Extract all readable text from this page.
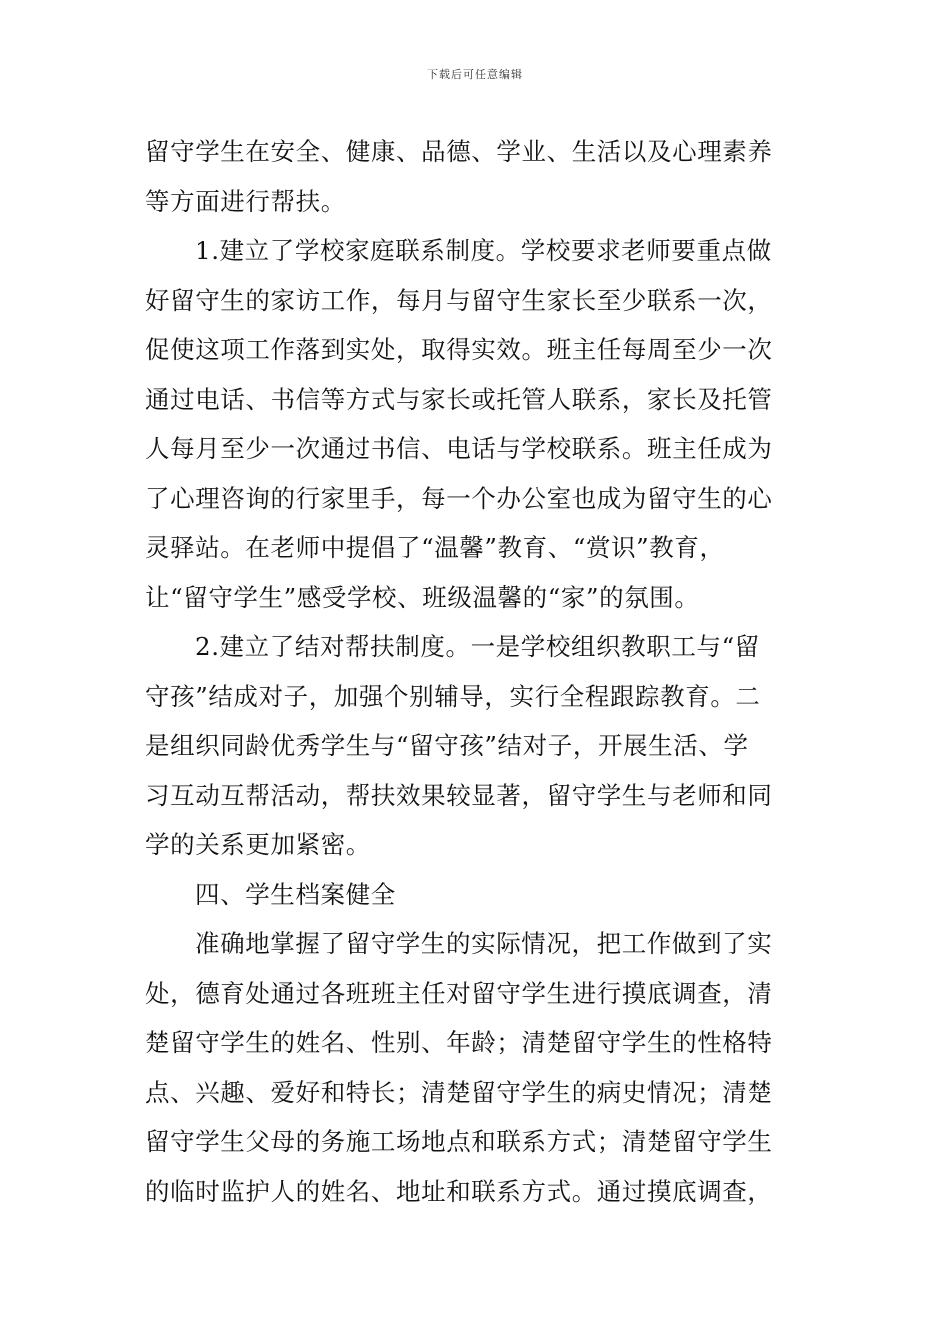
下载后可任意编辑
留守学生在安全、健康、品德、学业、生活以及心理素养
等方面进行帮扶。
1.建立了学校家庭联系制度。学校要求老师要重点做
好留守生的家访工作，每月与留守生家长至少联系一次，
促使这项工作落到实处，取得实效。班主任每周至少一次
通过电话、书信等方式与家长或托管人联系，家长及托管
人每月至少一次通过书信、电话与学校联系。班主任成为
了心理咨询的行家里手，每一个办公室也成为留守生的心
灵驿站。在老师中提倡了“温馨”教育、“赏识”教育，
让“留守学生”感受学校、班级温馨的“家”的氛围。
2.建立了结对帮扶制度。一是学校组织教职工与“留
守孩”结成对子，加强个别辅导，实行全程跟踪教育。二
是组织同龄优秀学生与“留守孩”结对子，开展生活、学
习互动互帮活动，帮扶效果较显著，留守学生与老师和同
学的关系更加紧密。
四、学生档案健全
准确地掌握了留守学生的实际情况，把工作做到了实
处，德育处通过各班班主任对留守学生进行摸底调查，清
楚留守学生的姓名、性别、年龄；清楚留守学生的性格特
点、兴趣、爱好和特长；清楚留守学生的病史情况；清楚
留守学生父母的务施工场地点和联系方式；清楚留守学生
的临时监护人的姓名、地址和联系方式。通过摸底调查，
